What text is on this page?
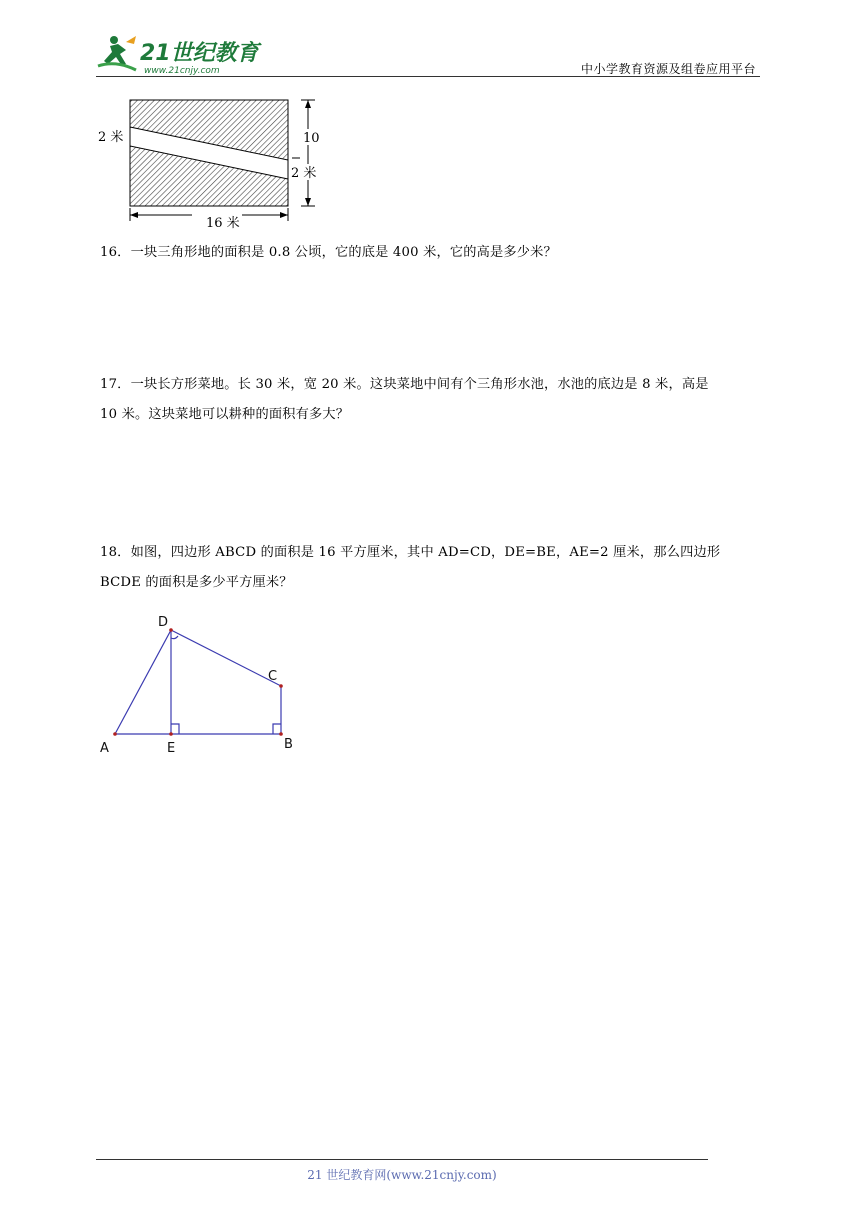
21世纪教育
www.21cnjy.com	中小学教育资源及组卷应用平台
10
2 米
2 米
16 米
16．一块三角形地的面积是 0.8 公顷，它的底是 400 米，它的高是多少米？
17．一块长方形菜地。长 30 米，宽 20 米。这块菜地中间有个三角形水池，水池的底边是 8 米，高是
10 米。这块菜地可以耕种的面积有多大？
18．如图，四边形 ABCD 的面积是 16 平方厘米，其中 AD=CD，DE=BE，AE=2 厘米，那么四边形
BCDE 的面积是多少平方厘米？
A	B
C
D
E
21 世纪教育网(www.21cnjy.com)
